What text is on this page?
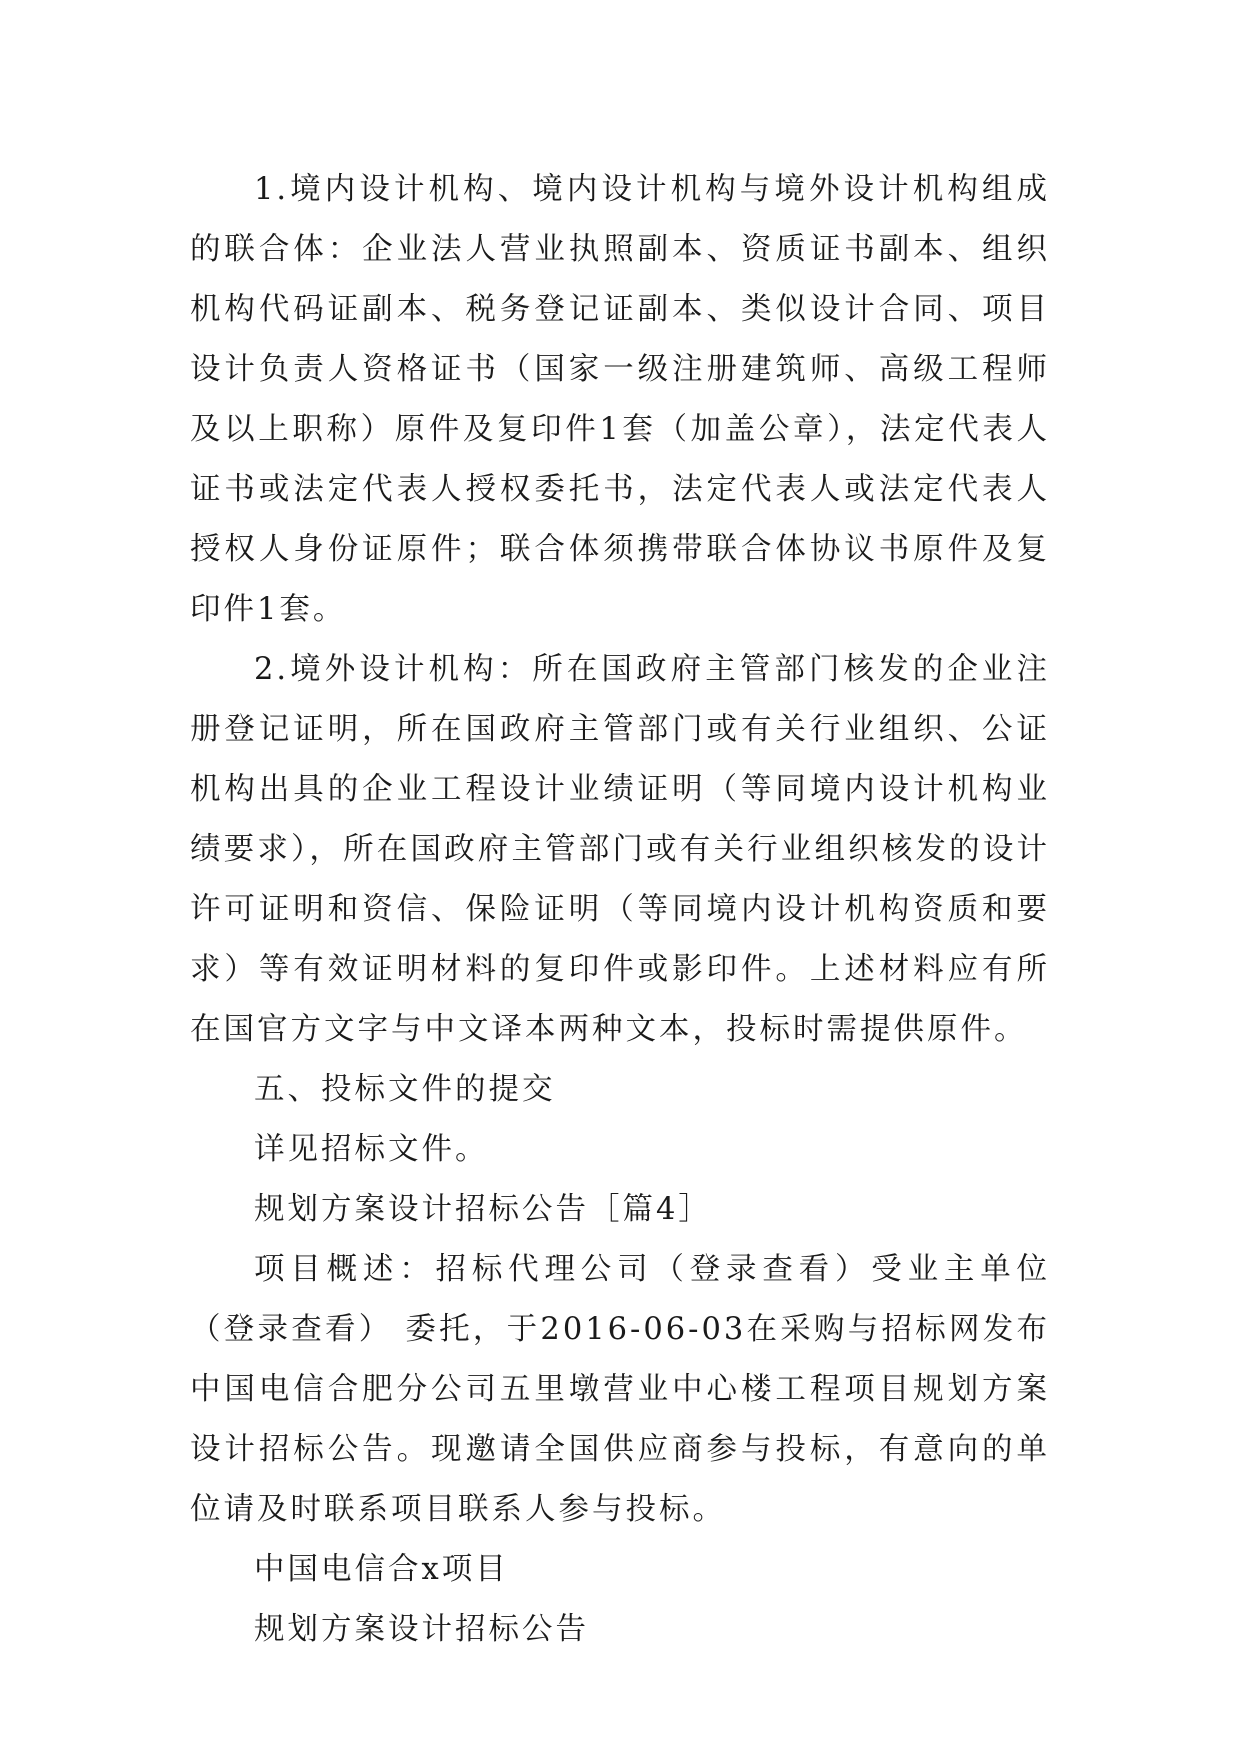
1.境内设计机构、境内设计机构与境外设计机构组成的联合体：企业法人营业执照副本、资质证书副本、组织机构代码证副本、税务登记证副本、类似设计合同、项目设计负责人资格证书（国家一级注册建筑师、高级工程师及以上职称）原件及复印件1套（加盖公章），法定代表人证书或法定代表人授权委托书，法定代表人或法定代表人授权人身份证原件；联合体须携带联合体协议书原件及复印件1套。

2.境外设计机构：所在国政府主管部门核发的企业注册登记证明，所在国政府主管部门或有关行业组织、公证机构出具的企业工程设计业绩证明（等同境内设计机构业绩要求），所在国政府主管部门或有关行业组织核发的设计许可证明和资信、保险证明（等同境内设计机构资质和要求）等有效证明材料的复印件或影印件。上述材料应有所在国官方文字与中文译本两种文本，投标时需提供原件。

五、投标文件的提交

详见招标文件。

规划方案设计招标公告［篇4］

项目概述：招标代理公司（登录查看）受业主单位（登录查看） 委托，于2016-06-03在采购与招标网发布中国电信合肥分公司五里墩营业中心楼工程项目规划方案设计招标公告。现邀请全国供应商参与投标，有意向的单位请及时联系项目联系人参与投标。

中国电信合x项目

规划方案设计招标公告
